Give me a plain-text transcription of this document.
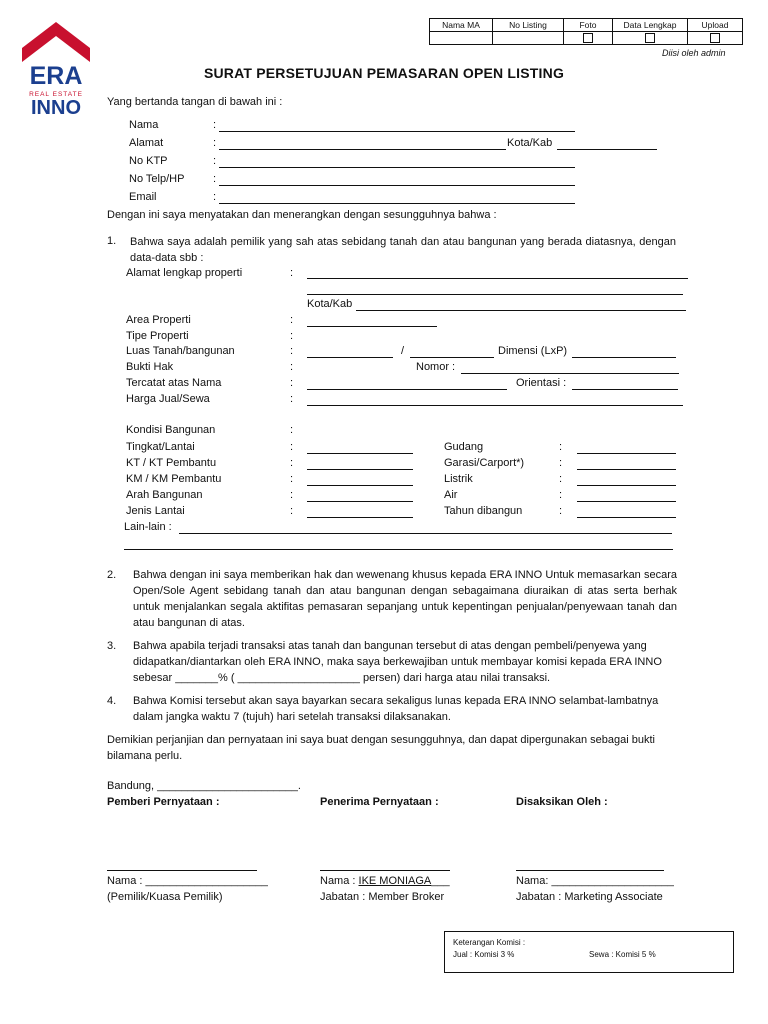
ERA
REAL ESTATE
INNO
Nama MA	No Listing	Foto	Data Lengkap	Upload

Diisi oleh admin
SURAT PERSETUJUAN PEMASARAN OPEN LISTING
Yang bertanda tangan di bawah ini :
Nama	:
Alamat	:	Kota/Kab
No KTP	:
No Telp/HP	:
Email	:
Dengan ini saya menyatakan dan menerangkan dengan sesungguhnya bahwa :
1. Bahwa saya adalah pemilik yang sah atas sebidang tanah dan atau bangunan yang berada diatasnya, dengan data-data sbb :
Alamat lengkap properti	:
Kota/Kab
Area Properti	:
Tipe Properti	:
Luas Tanah/bangunan	:	/	Dimensi (LxP)
Bukti Hak	:	Nomor :
Tercatat atas Nama	:	Orientasi :
Harga Jual/Sewa	:
Kondisi Bangunan	:
Tingkat/Lantai	:	Gudang	:
KT / KT Pembantu	:	Garasi/Carport*)	:
KM / KM Pembantu	:	Listrik	:
Arah Bangunan	:	Air	:
Jenis Lantai	:	Tahun dibangun	:
Lain-lain :
2. Bahwa dengan ini saya memberikan hak dan wewenang khusus kepada ERA INNO Untuk memasarkan secara Open/Sole Agent sebidang tanah dan atau bangunan dengan sebagaimana diuraikan di atas serta berhak untuk menjalankan segala aktifitas pemasaran sepanjang untuk kepentingan penjualan/penyewaan tanah dan atau bangunan di atas.
3. Bahwa apabila terjadi transaksi atas tanah dan bangunan tersebut di atas dengan pembeli/penyewa yang didapatkan/diantarkan oleh ERA INNO, maka saya berkewajiban untuk membayar komisi kepada ERA INNO sebesar _______% ( ____________________ persen) dari harga atau nilai transaksi.
4. Bahwa Komisi tersebut akan saya bayarkan secara sekaligus lunas kepada ERA INNO selambat-lambatnya dalam jangka waktu 7 (tujuh) hari setelah transaksi dilaksanakan.
Demikian perjanjian dan pernyataan ini saya buat dengan sesungguhnya, dan dapat dipergunakan sebagai bukti bilamana perlu.
Bandung, _______________________.
Pemberi Pernyataan :	Penerima Pernyataan :	Disaksikan Oleh :
Nama : ____________________	Nama : IKE MONIAGA___	Nama: ____________________
(Pemilik/Kuasa Pemilik)	Jabatan : Member Broker	Jabatan : Marketing Associate
Keterangan Komisi :
Jual : Komisi 3 %	Sewa : Komisi 5 %
